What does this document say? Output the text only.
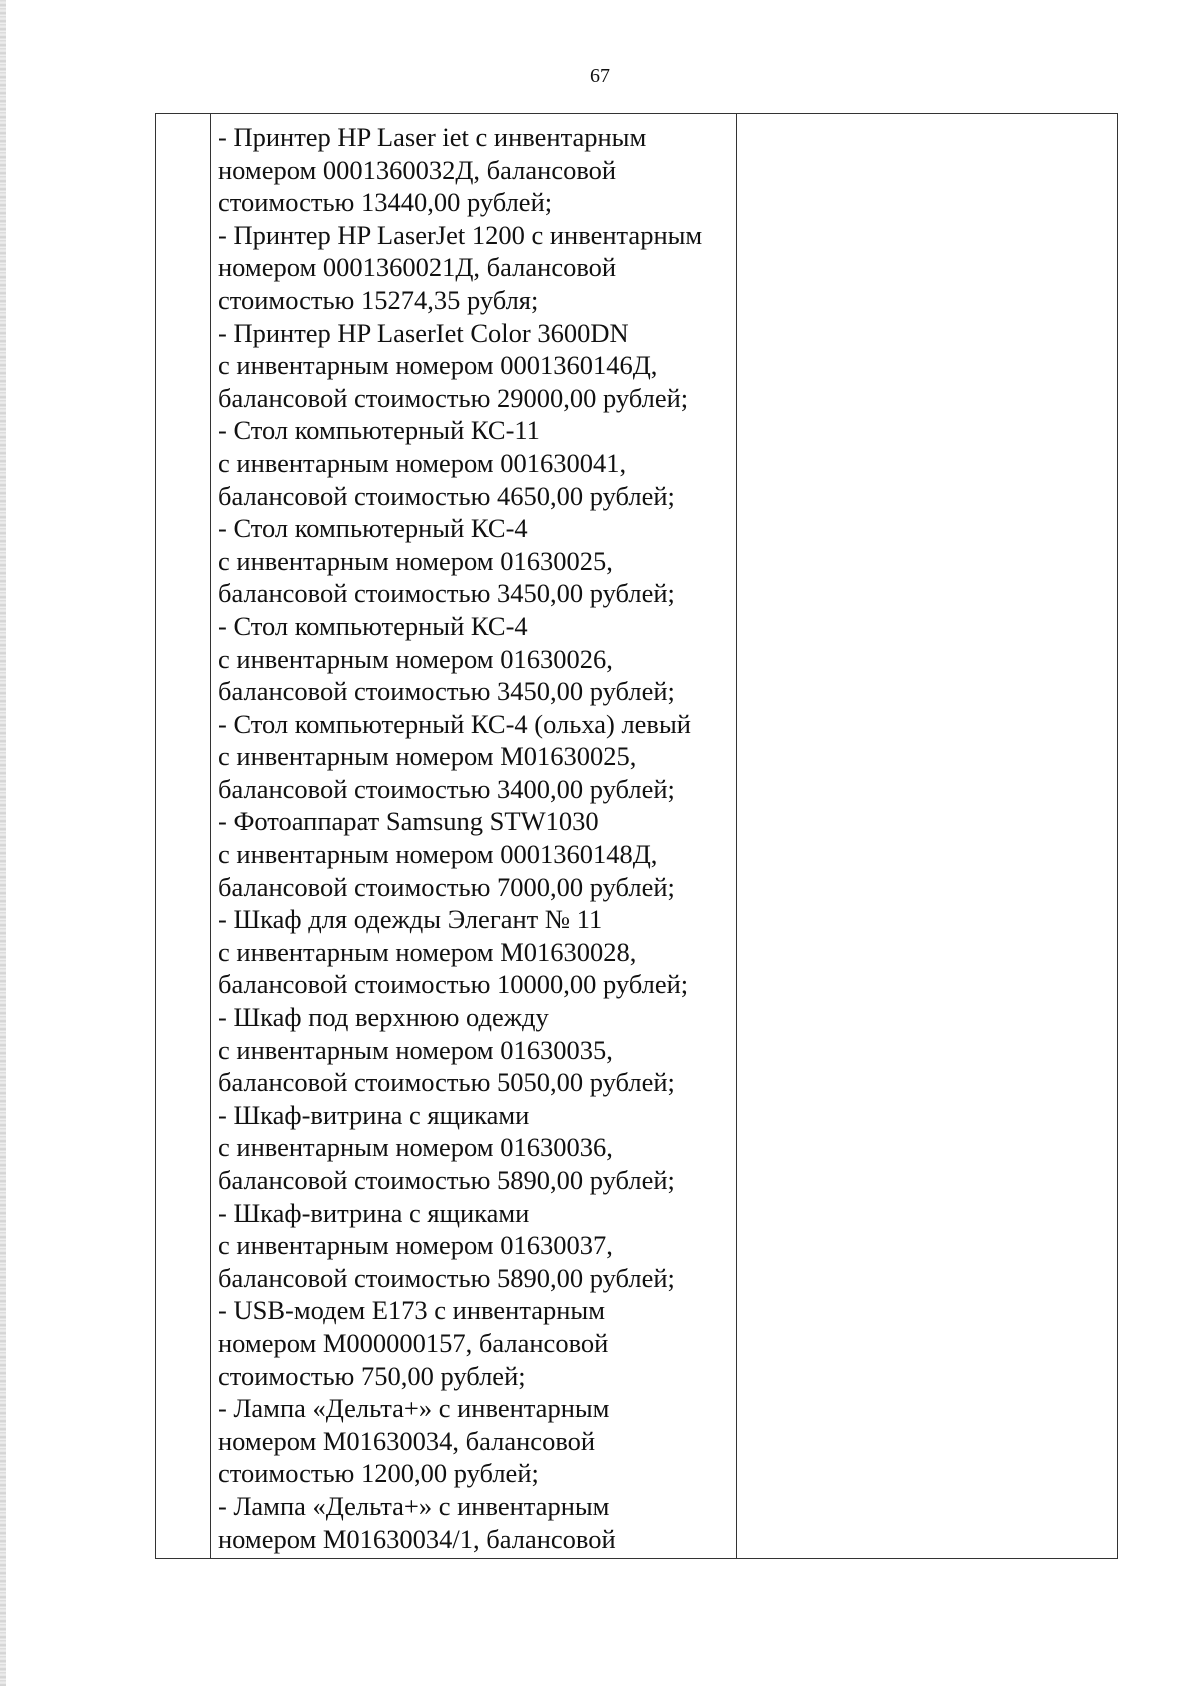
67
- Принтер HP Laser iet с инвентарным
номером 0001360032Д, балансовой
стоимостью 13440,00 рублей;
- Принтер HP LaserJet 1200 с инвентарным
номером 0001360021Д, балансовой
стоимостью 15274,35 рубля;
- Принтер HP LaserIet Color 3600DN
с инвентарным номером 0001360146Д,
балансовой стоимостью 29000,00 рублей;
- Стол компьютерный КС-11
с инвентарным номером 001630041,
балансовой стоимостью 4650,00 рублей;
- Стол компьютерный КС-4
с инвентарным номером 01630025,
балансовой стоимостью 3450,00 рублей;
- Стол компьютерный КС-4
с инвентарным номером 01630026,
балансовой стоимостью 3450,00 рублей;
- Стол компьютерный КС-4 (ольха) левый
с инвентарным номером М01630025,
балансовой стоимостью 3400,00 рублей;
- Фотоаппарат Samsung STW1030
с инвентарным номером 0001360148Д,
балансовой стоимостью 7000,00 рублей;
- Шкаф для одежды Элегант № 11
с инвентарным номером М01630028,
балансовой стоимостью 10000,00 рублей;
- Шкаф под верхнюю одежду
с инвентарным номером 01630035,
балансовой стоимостью 5050,00 рублей;
- Шкаф-витрина с ящиками
с инвентарным номером 01630036,
балансовой стоимостью 5890,00 рублей;
- Шкаф-витрина с ящиками
с инвентарным номером 01630037,
балансовой стоимостью 5890,00 рублей;
- USB-модем E173 с инвентарным
номером М000000157, балансовой
стоимостью 750,00 рублей;
- Лампа «Дельта+» с инвентарным
номером М01630034, балансовой
стоимостью 1200,00 рублей;
- Лампа «Дельта+» с инвентарным
номером М01630034/1, балансовой
